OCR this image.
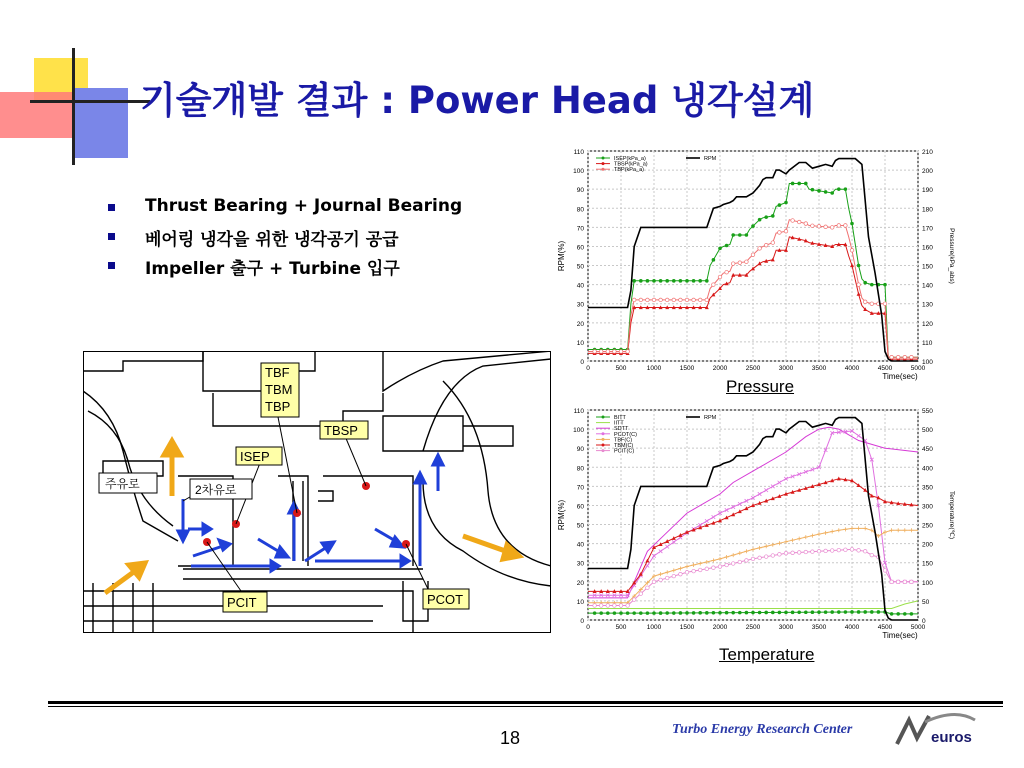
기술개발 결과 : Power Head 냉각설계
Thrust Bearing + Journal Bearing
베어링 냉각을 위한 냉각공기 공급
Impeller 출구 + Turbine 입구
TBF
TBM
TBP
TBSP
ISEP
주유로	2차유로
PCIT	PCOT
0
10
20
30
40
50
60
70
80
90
100
110
100
110
120
130
140
150
160
170
180
190
200
210
0	500	1000	1500	2000	2500	3000	3500	4000	4500	5000
RPM(%)	Pressure(kPa_abs)
Time(sec)
ISEP(kPa_a)
TBSP(kPa_a)
TBP(kPa_a)
RPM
Pressure
0
10
20
30
40
50
60
70
80
90
100
110
0
50
100
150
200
250
300
350
400
450
500
550
0	500	1000	1500	2000	2500	3000	3500	4000	4500	5000
RPM(%)	Temperature(℃)
Time(sec)
BITT
IITT
SDTT
PCOT(C)
TBF(C)
TBM(C)
PCIT(C)
RPM
Temperature
18	Turbo Energy Research Center	euros
